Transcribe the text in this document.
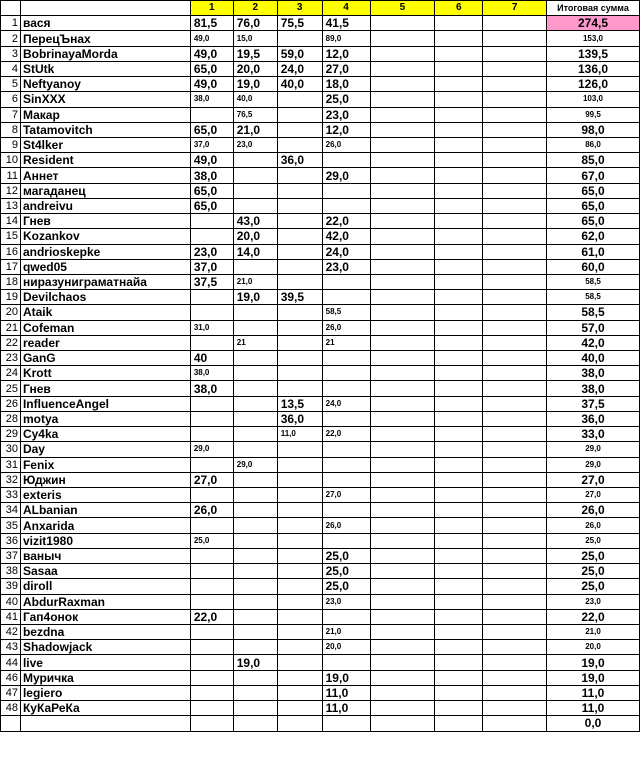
		1	2	3	4	5	6	7	Итоговая сумма
1	вася	81,5	76,0	75,5	41,5				274,5
2	ПерецЪнах	49,0	15,0		89,0				153,0
3	BobrinayaMorda	49,0	19,5	59,0	12,0				139,5
4	StUtk	65,0	20,0	24,0	27,0				136,0
5	Neftyanoy	49,0	19,0	40,0	18,0				126,0
6	SinXXX	38,0	40,0		25,0				103,0
7	Макар		76,5		23,0				99,5
8	Tatamovitch	65,0	21,0		12,0				98,0
9	St4lker	37,0	23,0		26,0				86,0
10	Resident	49,0		36,0					85,0
11	Аннет	38,0			29,0				67,0
12	магаданец	65,0							65,0
13	andreivu	65,0							65,0
14	Гнев		43,0		22,0				65,0
15	Kozankov		20,0		42,0				62,0
16	andrioskepke	23,0	14,0		24,0				61,0
17	qwed05	37,0			23,0				60,0
18	ниразуниграматнайа	37,5	21,0						58,5
19	Devilchaos		19,0	39,5					58,5
20	Ataik				58,5				58,5
21	Cofeman	31,0			26,0				57,0
22	reader		21		21				42,0
23	GanG	40							40,0
24	Krott	38,0							38,0
25	Гнев	38,0							38,0
26	InfluenceAngel			13,5	24,0				37,5
28	motya			36,0					36,0
29	Су4ka			11,0	22,0				33,0
30	Day	29,0							29,0
31	Fenix		29,0						29,0
32	Юджин	27,0							27,0
33	exteris				27,0				27,0
34	ALbanian	26,0							26,0
35	Anxarida				26,0				26,0
36	vizit1980	25,0							25,0
37	ваныч				25,0				25,0
38	Sasaa				25,0				25,0
39	diroll				25,0				25,0
40	AbdurRaxman				23,0				23,0
41	Гап4онок	22,0							22,0
42	bezdna				21,0				21,0
43	Shadowjack				20,0				20,0
44	live		19,0						19,0
46	Муричка				19,0				19,0
47	legiero				11,0				11,0
48	КуКаРеКа				11,0				11,0
									0,0
